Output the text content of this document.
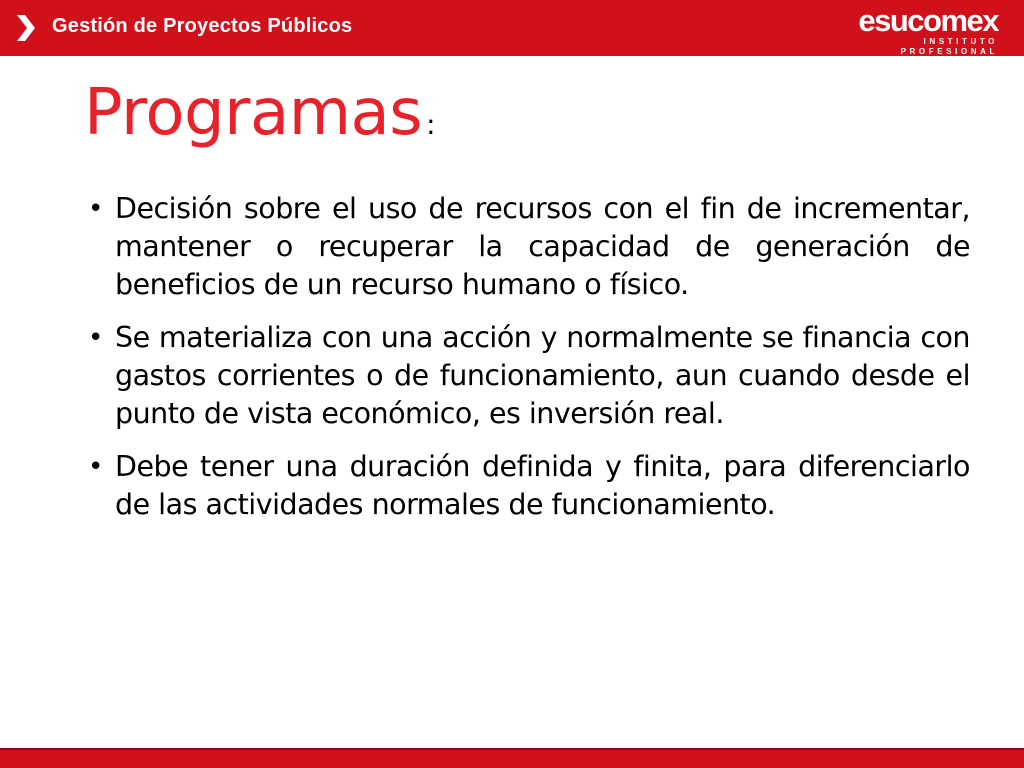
Gestión de Proyectos Públicos	esucomex
INSTITUTO PROFESIONAL
Programas :
• Decisión sobre el uso de recursos con el fin de incrementar, mantener o recuperar la capacidad de generación de beneficios de un recurso humano o físico.
• Se materializa con una acción y normalmente se financia con gastos corrientes o de funcionamiento, aun cuando desde el punto de vista económico, es inversión real.
• Debe tener una duración definida y finita, para diferenciarlo de las actividades normales de funcionamiento.
